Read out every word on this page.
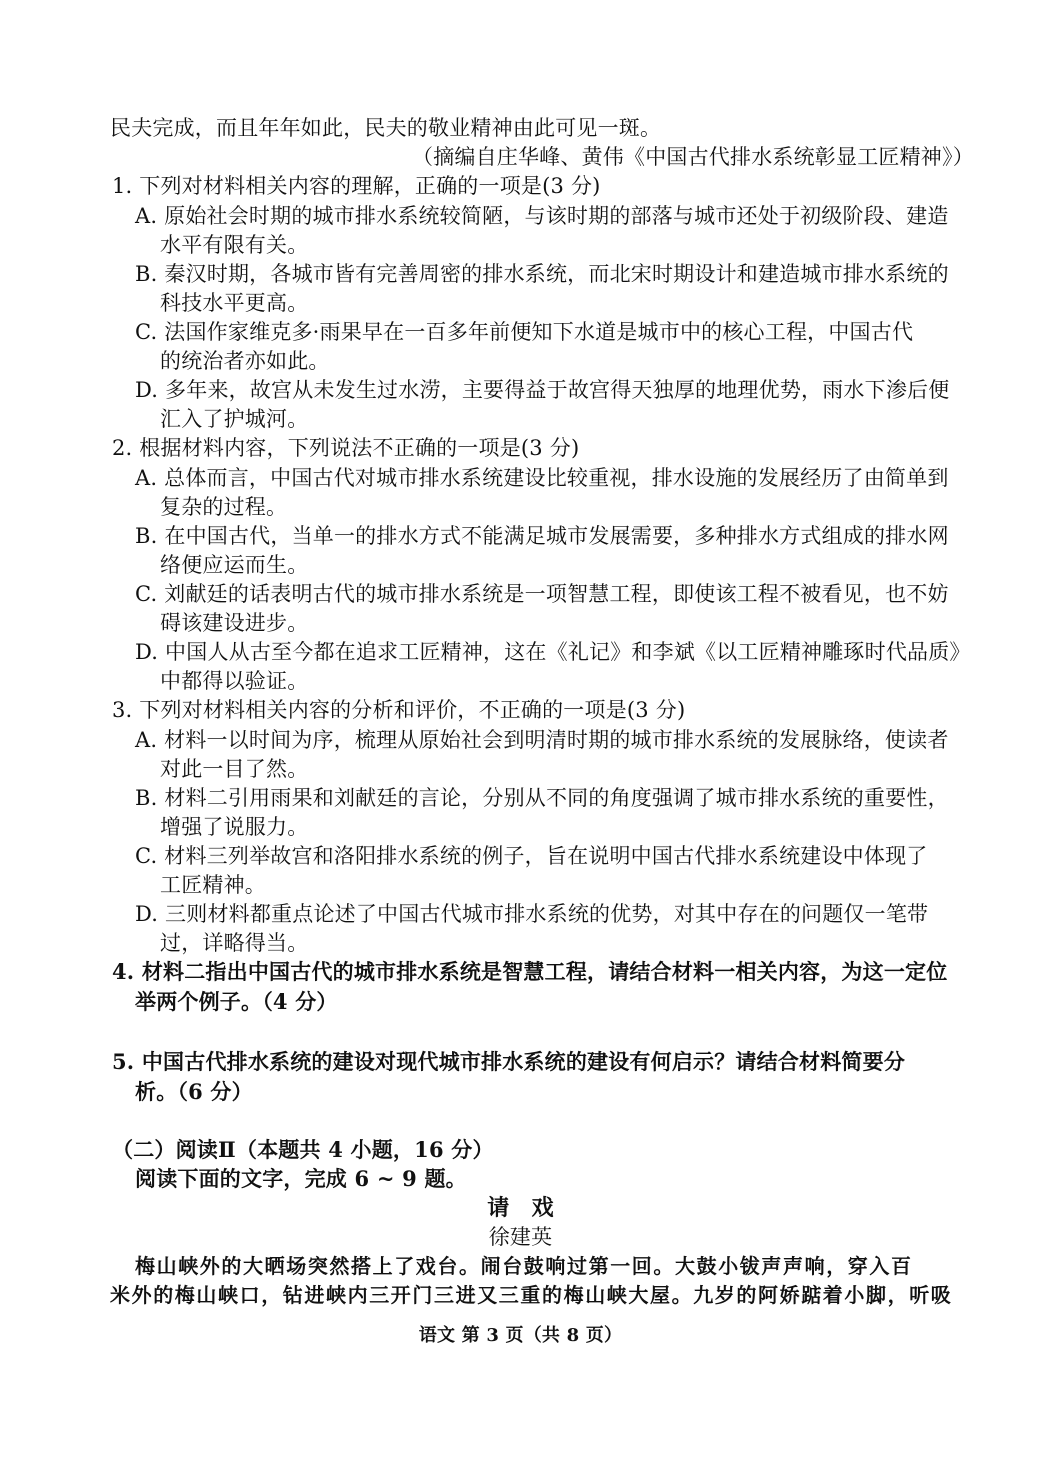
民夫完成，而且年年如此，民夫的敬业精神由此可见一斑。

（摘编自庄华峰、黄伟《中国古代排水系统彰显工匠精神》）

1. 下列对材料相关内容的理解，正确的一项是(3 分)

A. 原始社会时期的城市排水系统较简陋，与该时期的部落与城市还处于初级阶段、建造

水平有限有关。

B. 秦汉时期，各城市皆有完善周密的排水系统，而北宋时期设计和建造城市排水系统的

科技水平更高。

C. 法国作家维克多·雨果早在一百多年前便知下水道是城市中的核心工程，中国古代

的统治者亦如此。

D. 多年来，故宫从未发生过水涝，主要得益于故宫得天独厚的地理优势，雨水下渗后便

汇入了护城河。

2. 根据材料内容，下列说法不正确的一项是(3 分)

A. 总体而言，中国古代对城市排水系统建设比较重视，排水设施的发展经历了由简单到

复杂的过程。

B. 在中国古代，当单一的排水方式不能满足城市发展需要，多种排水方式组成的排水网

络便应运而生。

C. 刘献廷的话表明古代的城市排水系统是一项智慧工程，即使该工程不被看见，也不妨

碍该建设进步。

D. 中国人从古至今都在追求工匠精神，这在《礼记》和李斌《以工匠精神雕琢时代品质》

中都得以验证。

3. 下列对材料相关内容的分析和评价，不正确的一项是(3 分)

A. 材料一以时间为序，梳理从原始社会到明清时期的城市排水系统的发展脉络，使读者

对此一目了然。

B. 材料二引用雨果和刘献廷的言论，分别从不同的角度强调了城市排水系统的重要性，

增强了说服力。

C. 材料三列举故宫和洛阳排水系统的例子，旨在说明中国古代排水系统建设中体现了

工匠精神。

D. 三则材料都重点论述了中国古代城市排水系统的优势，对其中存在的问题仅一笔带

过，详略得当。

4. 材料二指出中国古代的城市排水系统是智慧工程，请结合材料一相关内容，为这一定位

举两个例子。（4 分）

5. 中国古代排水系统的建设对现代城市排水系统的建设有何启示？请结合材料简要分

析。（6 分）

（二）阅读Ⅱ（本题共 4 小题，16 分）

阅读下面的文字，完成 6 ~ 9 题。

请　戏

徐建英

梅山峡外的大晒场突然搭上了戏台。闹台鼓响过第一回。大鼓小钹声声响，穿入百

米外的梅山峡口，钻进峡内三开门三进又三重的梅山峡大屋。九岁的阿娇踮着小脚，听吸

语文 第 3 页（共 8 页）
